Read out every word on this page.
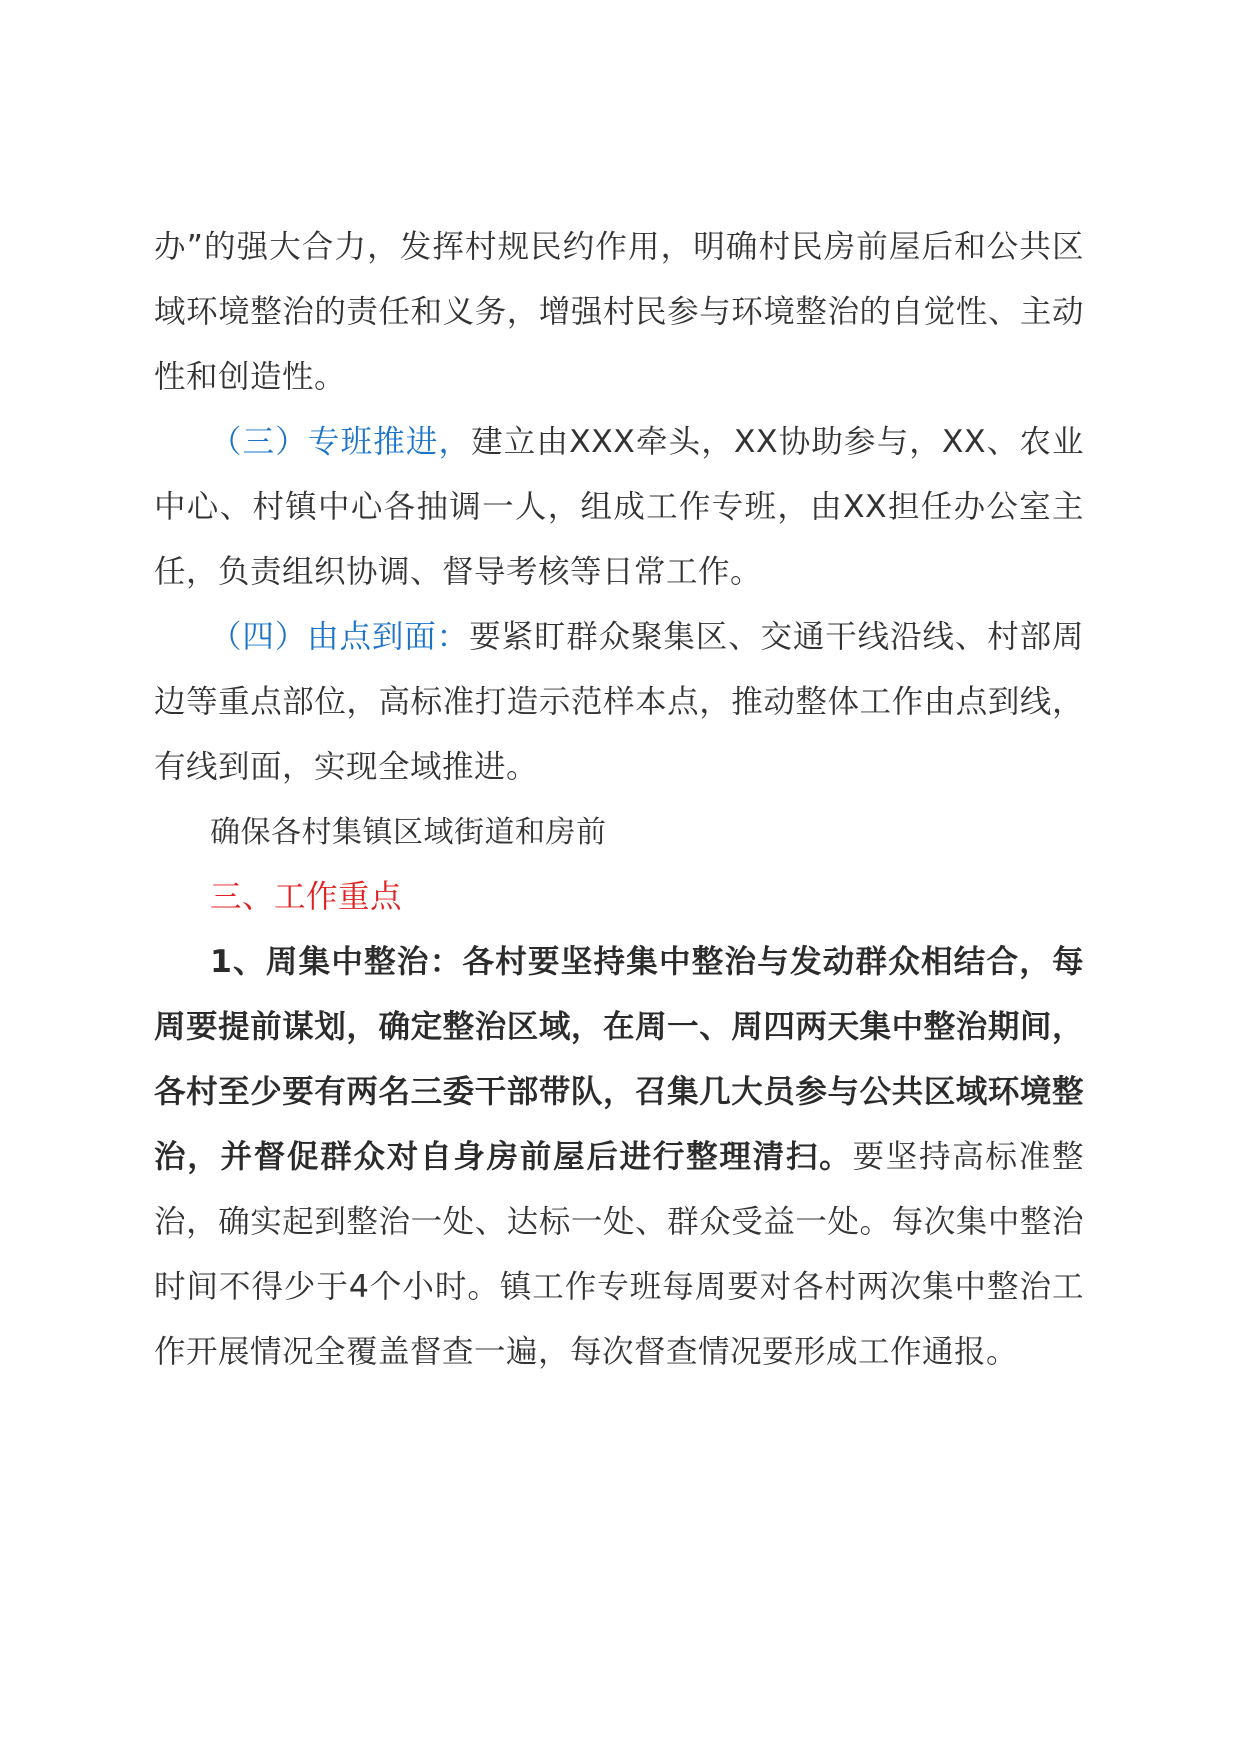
办”的强大合力，发挥村规民约作用，明确村民房前屋后和公共区域环境整治的责任和义务，增强村民参与环境整治的自觉性、主动性和创造性。

（三）专班推进，建立由XXX牵头，XX协助参与，XX、农业中心、村镇中心各抽调一人，组成工作专班，由XX担任办公室主任，负责组织协调、督导考核等日常工作。

（四）由点到面：要紧盯群众聚集区、交通干线沿线、村部周边等重点部位，高标准打造示范样本点，推动整体工作由点到线，有线到面，实现全域推进。

确保各村集镇区域街道和房前

三、工作重点

1、周集中整治：各村要坚持集中整治与发动群众相结合，每周要提前谋划，确定整治区域，在周一、周四两天集中整治期间，各村至少要有两名三委干部带队，召集几大员参与公共区域环境整治，并督促群众对自身房前屋后进行整理清扫。要坚持高标准整治，确实起到整治一处、达标一处、群众受益一处。每次集中整治时间不得少于4个小时。镇工作专班每周要对各村两次集中整治工作开展情况全覆盖督查一遍，每次督查情况要形成工作通报。
